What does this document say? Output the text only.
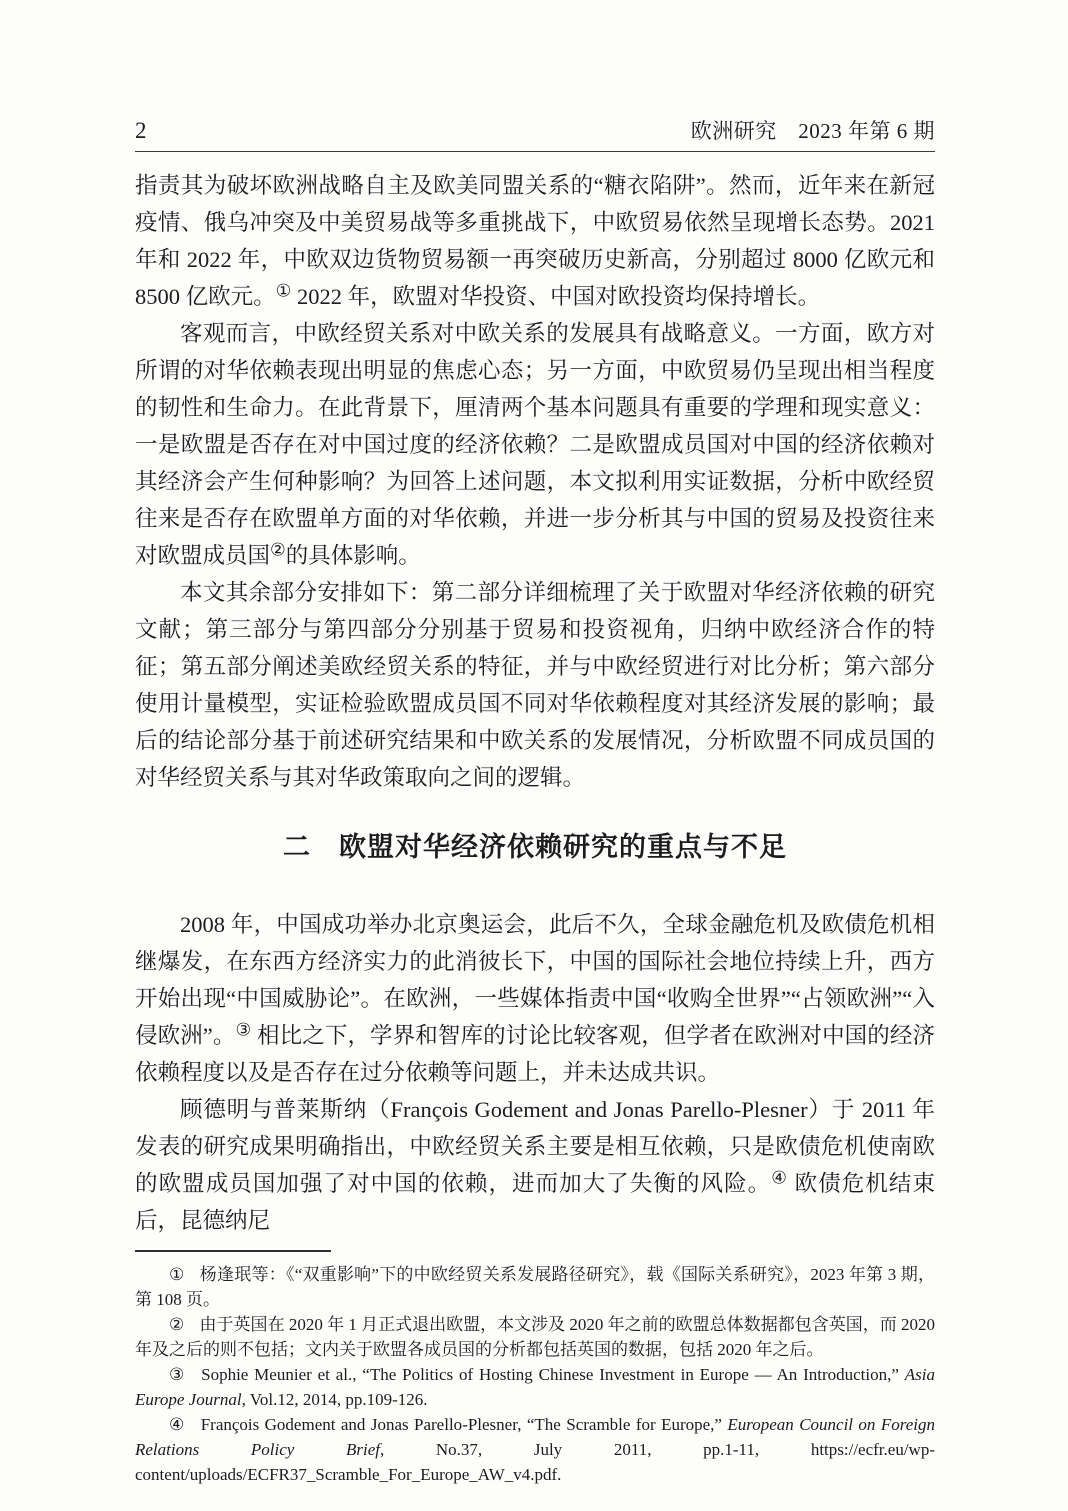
2	欧洲研究　2023 年第 6 期

指责其为破坏欧洲战略自主及欧美同盟关系的“糖衣陷阱”。然而，近年来在新冠疫情、俄乌冲突及中美贸易战等多重挑战下，中欧贸易依然呈现增长态势。2021 年和 2022 年，中欧双边货物贸易额一再突破历史新高，分别超过 8000 亿欧元和 8500 亿欧元。① 2022 年，欧盟对华投资、中国对欧投资均保持增长。

客观而言，中欧经贸关系对中欧关系的发展具有战略意义。一方面，欧方对所谓的对华依赖表现出明显的焦虑心态；另一方面，中欧贸易仍呈现出相当程度的韧性和生命力。在此背景下，厘清两个基本问题具有重要的学理和现实意义：一是欧盟是否存在对中国过度的经济依赖？二是欧盟成员国对中国的经济依赖对其经济会产生何种影响？为回答上述问题，本文拟利用实证数据，分析中欧经贸往来是否存在欧盟单方面的对华依赖，并进一步分析其与中国的贸易及投资往来对欧盟成员国②的具体影响。

本文其余部分安排如下：第二部分详细梳理了关于欧盟对华经济依赖的研究文献；第三部分与第四部分分别基于贸易和投资视角，归纳中欧经济合作的特征；第五部分阐述美欧经贸关系的特征，并与中欧经贸进行对比分析；第六部分使用计量模型，实证检验欧盟成员国不同对华依赖程度对其经济发展的影响；最后的结论部分基于前述研究结果和中欧关系的发展情况，分析欧盟不同成员国的对华经贸关系与其对华政策取向之间的逻辑。

二　欧盟对华经济依赖研究的重点与不足

2008 年，中国成功举办北京奥运会，此后不久，全球金融危机及欧债危机相继爆发，在东西方经济实力的此消彼长下，中国的国际社会地位持续上升，西方开始出现“中国威胁论”。在欧洲，一些媒体指责中国“收购全世界”“占领欧洲”“入侵欧洲”。③ 相比之下，学界和智库的讨论比较客观，但学者在欧洲对中国的经济依赖程度以及是否存在过分依赖等问题上，并未达成共识。

顾德明与普莱斯纳（François Godement and Jonas Parello-Plesner）于 2011 年发表的研究成果明确指出，中欧经贸关系主要是相互依赖，只是欧债危机使南欧的欧盟成员国加强了对中国的依赖，进而加大了失衡的风险。④ 欧债危机结束后，昆德纳尼

① 杨逢珉等：《“双重影响”下的中欧经贸关系发展路径研究》，载《国际关系研究》，2023 年第 3 期，第 108 页。

② 由于英国在 2020 年 1 月正式退出欧盟，本文涉及 2020 年之前的欧盟总体数据都包含英国，而 2020 年及之后的则不包括；文内关于欧盟各成员国的分析都包括英国的数据，包括 2020 年之后。

③ Sophie Meunier et al., “The Politics of Hosting Chinese Investment in Europe — An Introduction,” Asia Europe Journal, Vol.12, 2014, pp.109-126.

④ François Godement and Jonas Parello-Plesner, “The Scramble for Europe,” European Council on Foreign Relations Policy Brief, No.37, July 2011, pp.1-11, https://ecfr.eu/wp-content/uploads/ECFR37_Scramble_For_Europe_AW_v4.pdf.
